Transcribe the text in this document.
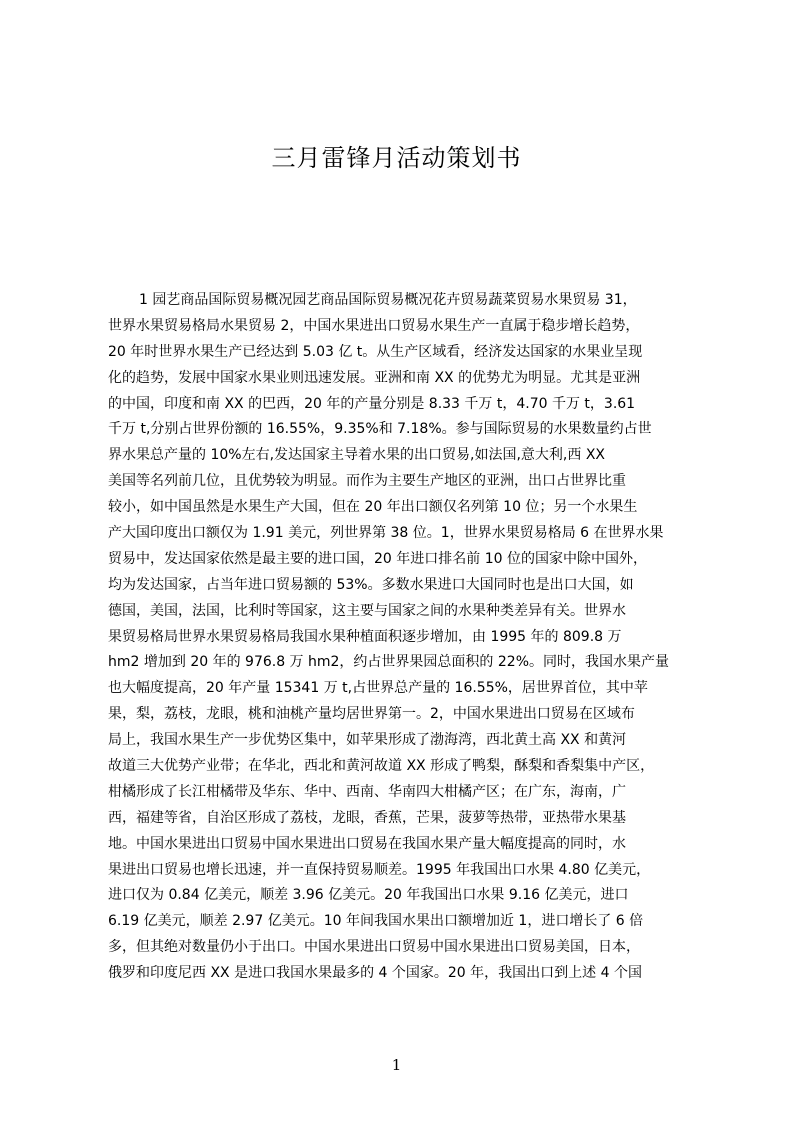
三月雷锋月活动策划书
1 园艺商品国际贸易概况园艺商品国际贸易概况花卉贸易蔬菜贸易水果贸易 31，
世界水果贸易格局水果贸易 2，中国水果进出口贸易水果生产一直属于稳步增长趋势，
20 年时世界水果生产已经达到 5.03 亿 t。从生产区域看，经济发达国家的水果业呈现
化的趋势，发展中国家水果业则迅速发展。亚洲和南 XX 的优势尤为明显。尤其是亚洲
的中国，印度和南 XX 的巴西，20 年的产量分别是 8.33 千万 t，4.70 千万 t，3.61
千万 t,分别占世界份额的 16.55%，9.35%和 7.18%。参与国际贸易的水果数量约占世
界水果总产量的 10%左右,发达国家主导着水果的出口贸易,如法国,意大利,西 XX
美国等名列前几位，且优势较为明显。而作为主要生产地区的亚洲，出口占世界比重
较小，如中国虽然是水果生产大国，但在 20 年出口额仅名列第 10 位；另一个水果生
产大国印度出口额仅为 1.91 美元，列世界第 38 位。1，世界水果贸易格局 6 在世界水果
贸易中，发达国家依然是最主要的进口国，20 年进口排名前 10 位的国家中除中国外，
均为发达国家，占当年进口贸易额的 53%。多数水果进口大国同时也是出口大国，如
德国，美国，法国，比利时等国家，这主要与国家之间的水果种类差异有关。世界水
果贸易格局世界水果贸易格局我国水果种植面积逐步增加，由 1995 年的 809.8 万
hm2 增加到 20 年的 976.8 万 hm2，约占世界果园总面积的 22%。同时，我国水果产量
也大幅度提高，20 年产量 15341 万 t,占世界总产量的 16.55%，居世界首位，其中苹
果，梨，荔枝，龙眼，桃和油桃产量均居世界第一。2，中国水果进出口贸易在区域布
局上，我国水果生产一步优势区集中，如苹果形成了渤海湾，西北黄土高 XX 和黄河
故道三大优势产业带；在华北，西北和黄河故道 XX 形成了鸭梨，酥梨和香梨集中产区，
柑橘形成了长江柑橘带及华东、华中、西南、华南四大柑橘产区；在广东，海南，广
西，福建等省，自治区形成了荔枝，龙眼，香蕉，芒果，菠萝等热带，亚热带水果基
地。中国水果进出口贸易中国水果进出口贸易在我国水果产量大幅度提高的同时，水
果进出口贸易也增长迅速，并一直保持贸易顺差。1995 年我国出口水果 4.80 亿美元，
进口仅为 0.84 亿美元，顺差 3.96 亿美元。20 年我国出口水果 9.16 亿美元，进口
6.19 亿美元，顺差 2.97 亿美元。10 年间我国水果出口额增加近 1，进口增长了 6 倍
多，但其绝对数量仍小于出口。中国水果进出口贸易中国水果进出口贸易美国，日本，
俄罗和印度尼西 XX 是进口我国水果最多的 4 个国家。20 年，我国出口到上述 4 个国
1
